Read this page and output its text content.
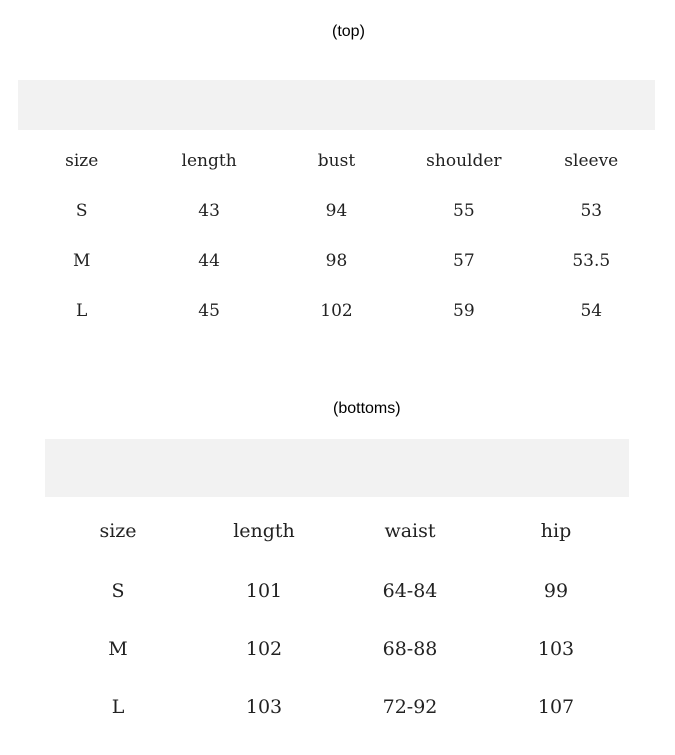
(top)
size	length	bust	shoulder	sleeve
S	43	94	55	53
M	44	98	57	53.5
L	45	102	59	54
(bottoms)
size	length	waist	hip
S	101	64-84	99
M	102	68-88	103
L	103	72-92	107
